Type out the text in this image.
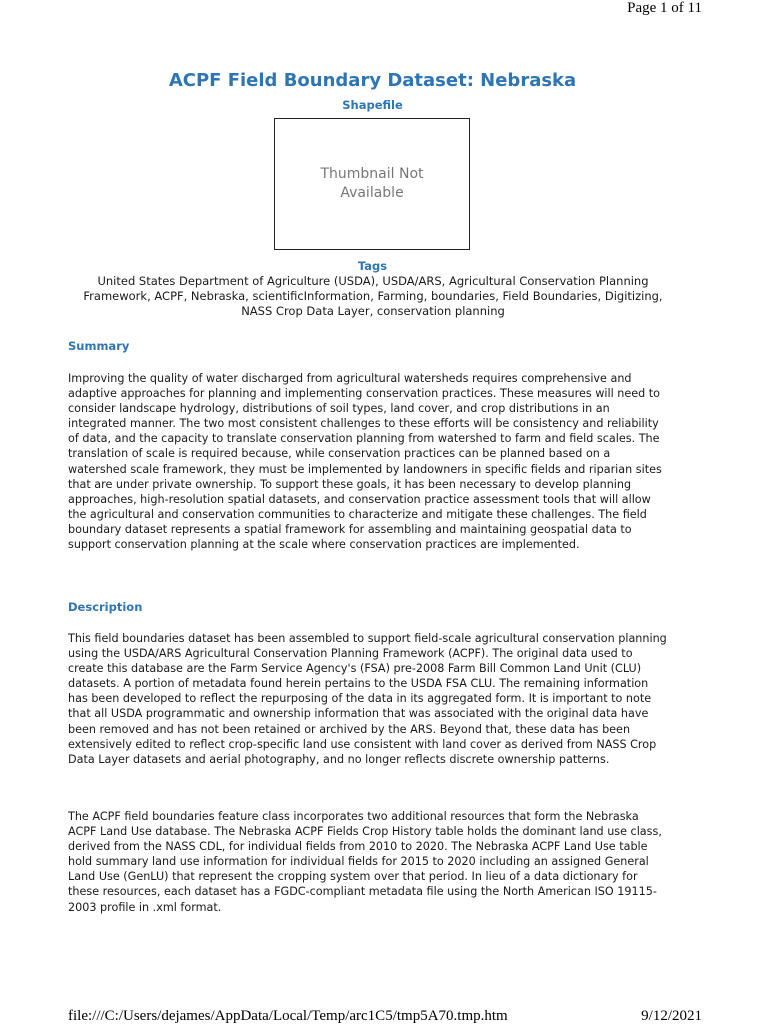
Page 1 of 11
ACPF Field Boundary Dataset: Nebraska
Shapefile
Thumbnail Not Available
Tags
United States Department of Agriculture (USDA), USDA/ARS, Agricultural Conservation Planning Framework, ACPF, Nebraska, scientificInformation, Farming, boundaries, Field Boundaries, Digitizing, NASS Crop Data Layer, conservation planning
Summary

Improving the quality of water discharged from agricultural watersheds requires comprehensive and adaptive approaches for planning and implementing conservation practices. These measures will need to consider landscape hydrology, distributions of soil types, land cover, and crop distributions in an integrated manner. The two most consistent challenges to these efforts will be consistency and reliability of data, and the capacity to translate conservation planning from watershed to farm and field scales. The translation of scale is required because, while conservation practices can be planned based on a watershed scale framework, they must be implemented by landowners in specific fields and riparian sites that are under private ownership. To support these goals, it has been necessary to develop planning approaches, high-resolution spatial datasets, and conservation practice assessment tools that will allow the agricultural and conservation communities to characterize and mitigate these challenges. The field boundary dataset represents a spatial framework for assembling and maintaining geospatial data to support conservation planning at the scale where conservation practices are implemented.

Description

This field boundaries dataset has been assembled to support field-scale agricultural conservation planning using the USDA/ARS Agricultural Conservation Planning Framework (ACPF). The original data used to create this database are the Farm Service Agency's (FSA) pre-2008 Farm Bill Common Land Unit (CLU) datasets. A portion of metadata found herein pertains to the USDA FSA CLU. The remaining information has been developed to reflect the repurposing of the data in its aggregated form. It is important to note that all USDA programmatic and ownership information that was associated with the original data have been removed and has not been retained or archived by the ARS. Beyond that, these data has been extensively edited to reflect crop-specific land use consistent with land cover as derived from NASS Crop Data Layer datasets and aerial photography, and no longer reflects discrete ownership patterns.

The ACPF field boundaries feature class incorporates two additional resources that form the Nebraska ACPF Land Use database. The Nebraska ACPF Fields Crop History table holds the dominant land use class, derived from the NASS CDL, for individual fields from 2010 to 2020. The Nebraska ACPF Land Use table hold summary land use information for individual fields for 2015 to 2020 including an assigned General Land Use (GenLU) that represent the cropping system over that period. In lieu of a data dictionary for these resources, each dataset has a FGDC-compliant metadata file using the North American ISO 19115-2003 profile in .xml format.

file:///C:/Users/dejames/AppData/Local/Temp/arc1C5/tmp5A70.tmp.htm	9/12/2021
